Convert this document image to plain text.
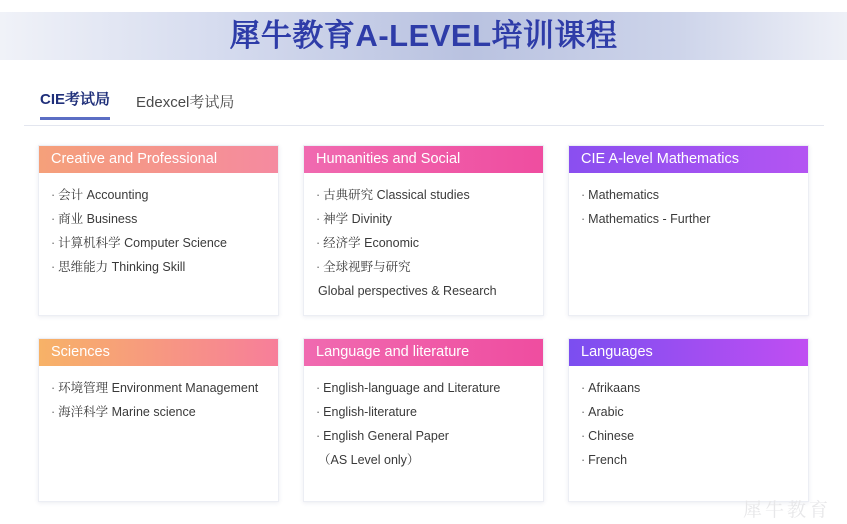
犀牛教育A-LEVEL培训课程
CIE考试局 Edexcel考试局
Creative and Professional
· 会计 Accounting
· 商业 Business
· 计算机科学 Computer Science
· 思维能力 Thinking Skill
Humanities and Social
· 古典研究 Classical studies
· 神学 Divinity
· 经济学 Economic
· 全球视野与研究
Global perspectives & Research
CIE A-level Mathematics
· Mathematics
· Mathematics - Further
Sciences
· 环境管理 Environment Management
· 海洋科学 Marine science
Language and literature
· English-language and Literature
· English-literature
· English General Paper
（AS Level only）
Languages
· Afrikaans
· Arabic
· Chinese
· French
犀牛教育
